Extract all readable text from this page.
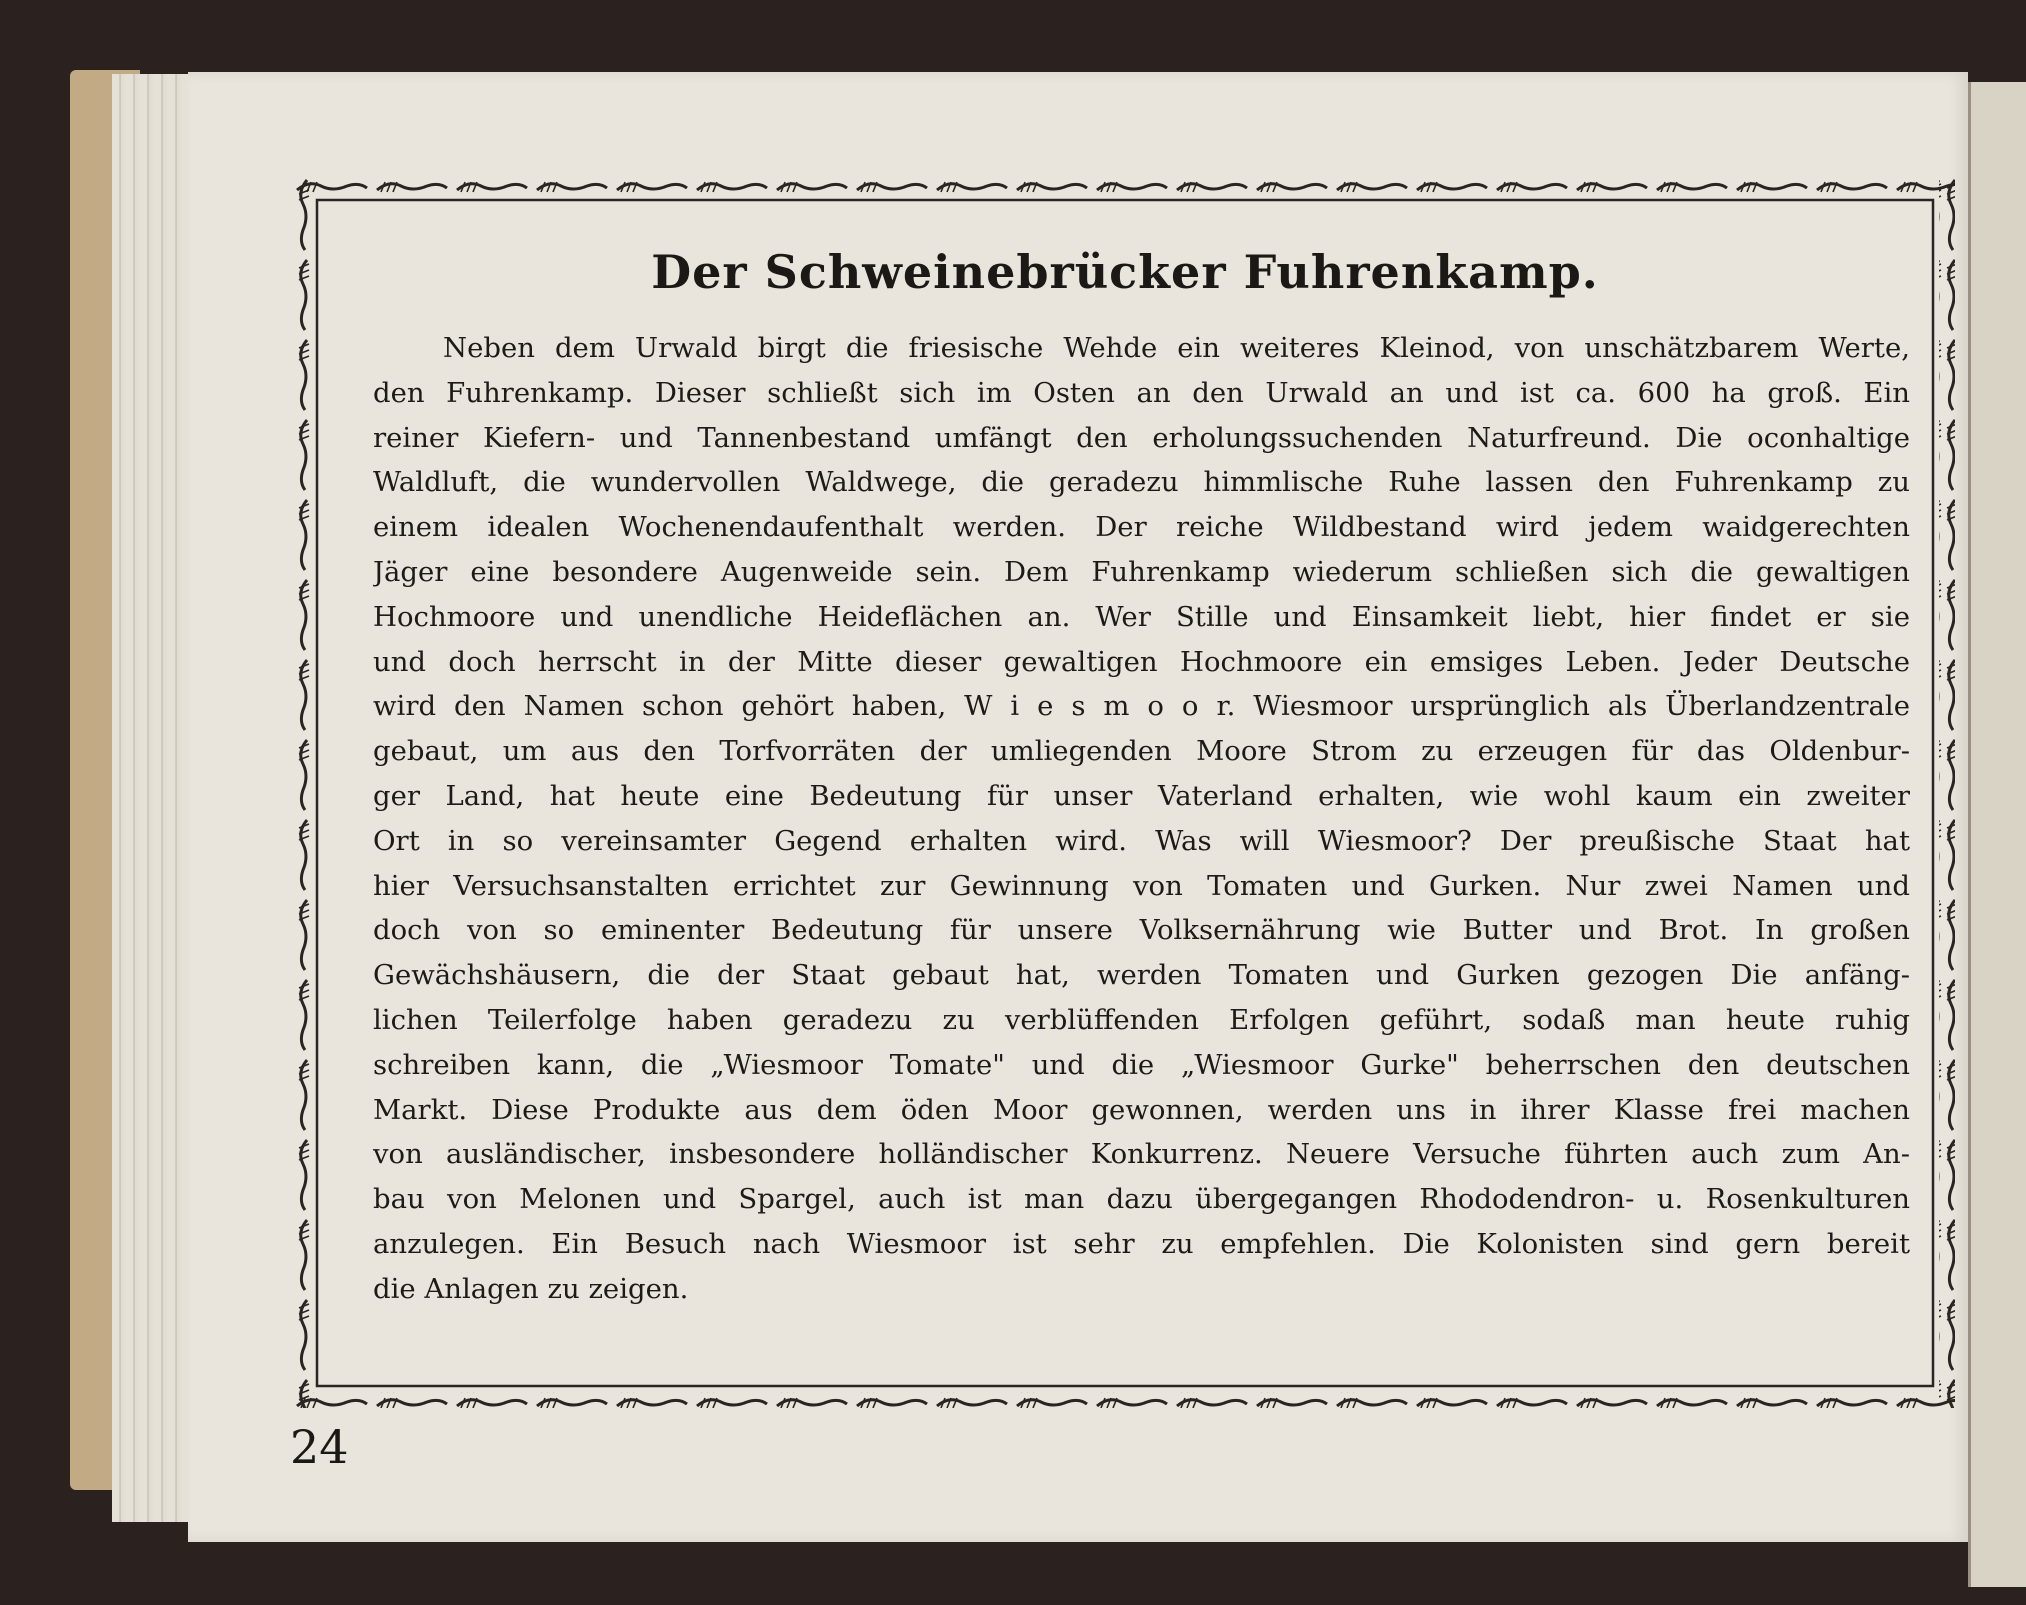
Der Schweinebrücker Fuhrenkamp.

Neben dem Urwald birgt die friesische Wehde ein weiteres Kleinod, von unschätzbarem Werte,
den Fuhrenkamp. Dieser schließt sich im Osten an den Urwald an und ist ca. 600 ha groß. Ein
reiner Kiefern- und Tannenbestand umfängt den erholungssuchenden Naturfreund. Die oconhaltige
Waldluft, die wundervollen Waldwege, die geradezu himmlische Ruhe lassen den Fuhrenkamp zu
einem idealen Wochenendaufenthalt werden. Der reiche Wildbestand wird jedem waidgerechten
Jäger eine besondere Augenweide sein. Dem Fuhrenkamp wiederum schließen sich die gewaltigen
Hochmoore und unendliche Heideflächen an. Wer Stille und Einsamkeit liebt, hier findet er sie
und doch herrscht in der Mitte dieser gewaltigen Hochmoore ein emsiges Leben. Jeder Deutsche
wird den Namen schon gehört haben, W i e s m o o r. Wiesmoor ursprünglich als Überlandzentrale
gebaut, um aus den Torfvorräten der umliegenden Moore Strom zu erzeugen für das Oldenbur-
ger Land, hat heute eine Bedeutung für unser Vaterland erhalten, wie wohl kaum ein zweiter
Ort in so vereinsamter Gegend erhalten wird. Was will Wiesmoor? Der preußische Staat hat
hier Versuchsanstalten errichtet zur Gewinnung von Tomaten und Gurken. Nur zwei Namen und
doch von so eminenter Bedeutung für unsere Volksernährung wie Butter und Brot. In großen
Gewächshäusern, die der Staat gebaut hat, werden Tomaten und Gurken gezogen Die anfäng-
lichen Teilerfolge haben geradezu zu verblüffenden Erfolgen geführt, sodaß man heute ruhig
schreiben kann, die „Wiesmoor Tomate" und die „Wiesmoor Gurke" beherrschen den deutschen
Markt. Diese Produkte aus dem öden Moor gewonnen, werden uns in ihrer Klasse frei machen
von ausländischer, insbesondere holländischer Konkurrenz. Neuere Versuche führten auch zum An-
bau von Melonen und Spargel, auch ist man dazu übergegangen Rhododendron- u. Rosenkulturen
anzulegen. Ein Besuch nach Wiesmoor ist sehr zu empfehlen. Die Kolonisten sind gern bereit
die Anlagen zu zeigen.

24
